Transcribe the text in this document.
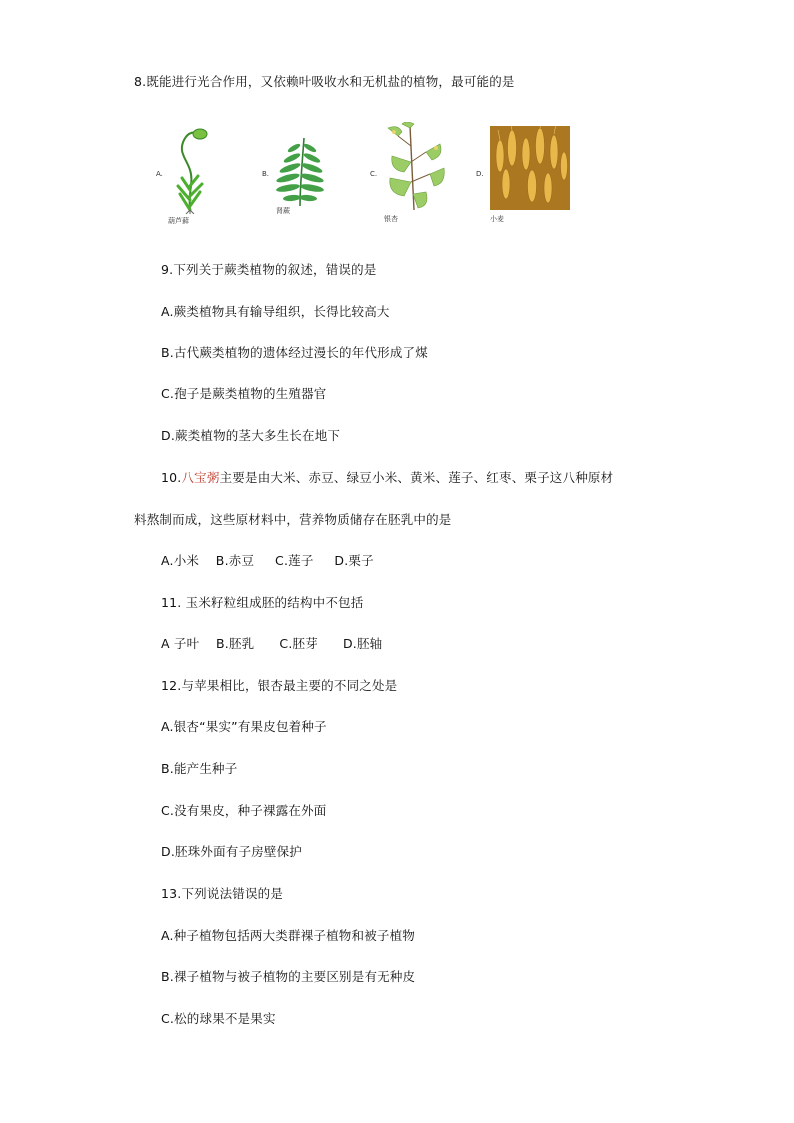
8.既能进行光合作用，又依赖叶吸收水和无机盐的植物，最可能的是
A.
葫芦藓
B.
肾蕨
C.
银杏
D.
小麦
9.下列关于蕨类植物的叙述，错误的是
A.蕨类植物具有输导组织，长得比较高大
B.古代蕨类植物的遗体经过漫长的年代形成了煤
C.孢子是蕨类植物的生殖器官
D.蕨类植物的茎大多生长在地下
10.八宝粥主要是由大米、赤豆、绿豆小米、黄米、莲子、红枣、栗子这八种原材
料熬制而成，这些原材料中，营养物质储存在胚乳中的是
A.小米    B.赤豆     C.莲子     D.栗子
11. 玉米籽粒组成胚的结构中不包括
A 子叶    B.胚乳      C.胚芽      D.胚轴
12.与苹果相比，银杏最主要的不同之处是
A.银杏“果实”有果皮包着种子
B.能产生种子
C.没有果皮，种子裸露在外面
D.胚珠外面有子房壁保护
13.下列说法错误的是
A.种子植物包括两大类群裸子植物和被子植物
B.裸子植物与被子植物的主要区别是有无种皮
C.松的球果不是果实
